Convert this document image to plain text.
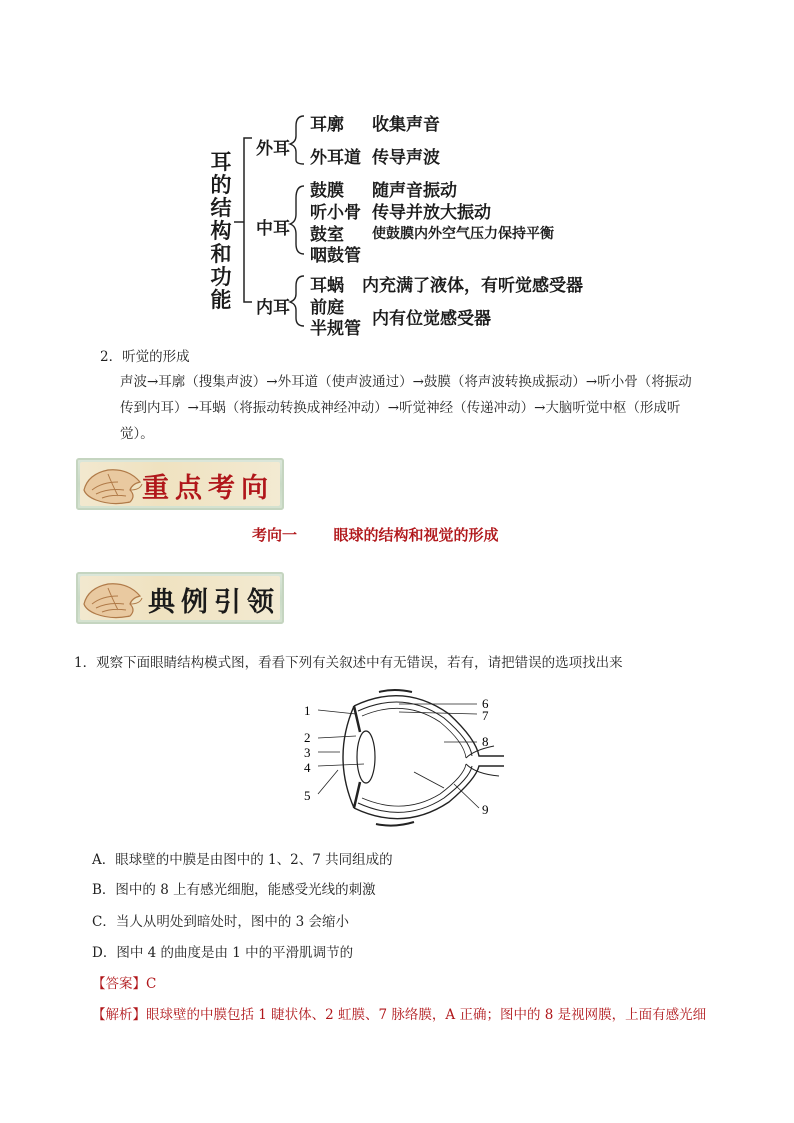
耳的结构和功能
外耳
中耳
内耳
耳廓 收集声音
外耳道 传导声波
鼓膜 随声音振动
听小骨 传导并放大振动
鼓室 使鼓膜内外空气压力保持平衡
咽鼓管
耳蜗 内充满了液体，有听觉感受器
前庭
半规管 内有位觉感受器
2．听觉的形成
声波→耳廓（搜集声波）→外耳道（使声波通过）→鼓膜（将声波转换成振动）→听小骨（将振动
传到内耳）→耳蜗（将振动转换成神经冲动）→听觉神经（传递冲动）→大脑听觉中枢（形成听
觉）。
重点考向
考向一 眼球的结构和视觉的形成
典例引领
1．观察下面眼睛结构模式图，看看下列有关叙述中有无错误，若有，请把错误的选项找出来
1
2
3
4
5
6
7
8
9
A．眼球壁的中膜是由图中的 1、2、7 共同组成的
B．图中的 8 上有感光细胞，能感受光线的刺激
C．当人从明处到暗处时，图中的 3 会缩小
D．图中 4 的曲度是由 1 中的平滑肌调节的
【答案】C
【解析】眼球壁的中膜包括 1 睫状体、2 虹膜、7 脉络膜，A 正确；图中的 8 是视网膜，上面有感光细
